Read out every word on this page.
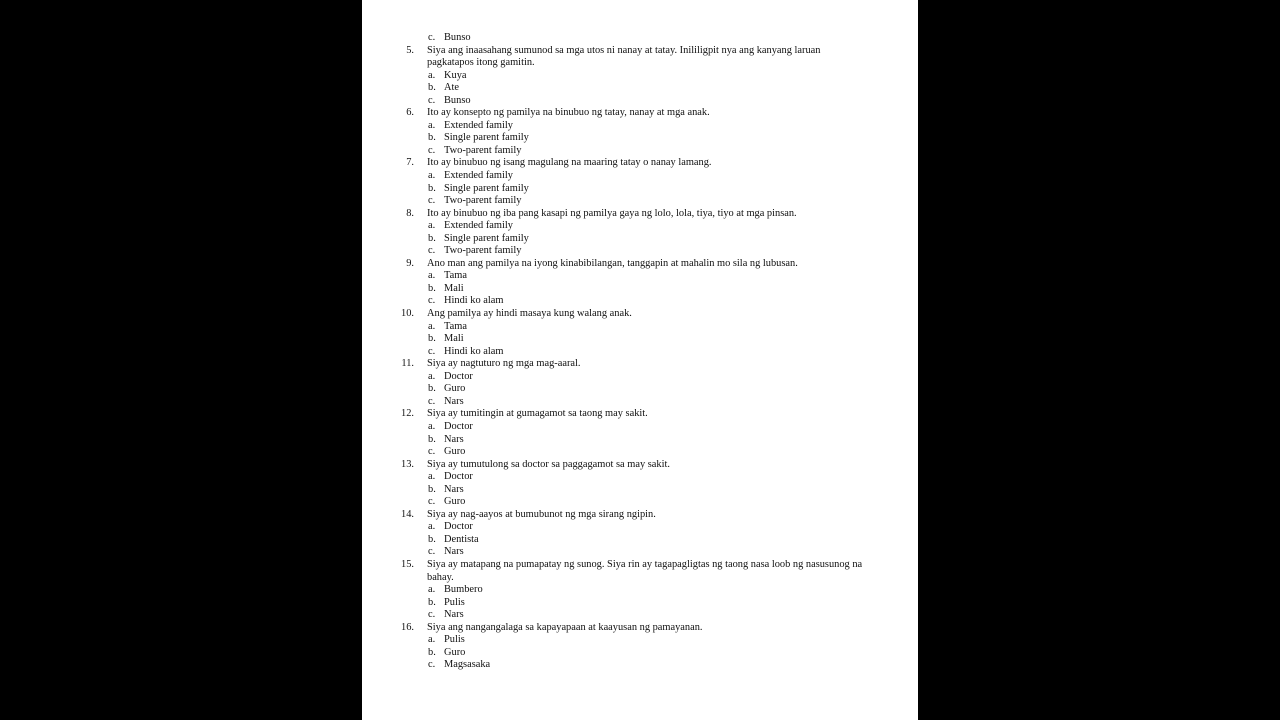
c. Bunso
5. Siya ang inaasahang sumunod sa mga utos ni nanay at tatay. Inililigpit nya ang kanyang laruan
pagkatapos itong gamitin.
a. Kuya
b. Ate
c. Bunso
6. Ito ay konsepto ng pamilya na binubuo ng tatay, nanay at mga anak.
a. Extended family
b. Single parent family
c. Two-parent family
7. Ito ay binubuo ng isang magulang na maaring tatay o nanay lamang.
a. Extended family
b. Single parent family
c. Two-parent family
8. Ito ay binubuo ng iba pang kasapi ng pamilya gaya ng lolo, lola, tiya, tiyo at mga pinsan.
a. Extended family
b. Single parent family
c. Two-parent family
9. Ano man ang pamilya na iyong kinabibilangan, tanggapin at mahalin mo sila ng lubusan.
a. Tama
b. Mali
c. Hindi ko alam
10. Ang pamilya ay hindi masaya kung walang anak.
a. Tama
b. Mali
c. Hindi ko alam
11. Siya ay nagtuturo ng mga mag-aaral.
a. Doctor
b. Guro
c. Nars
12. Siya ay tumitingin at gumagamot sa taong may sakit.
a. Doctor
b. Nars
c. Guro
13. Siya ay tumutulong sa doctor sa paggagamot sa may sakit.
a. Doctor
b. Nars
c. Guro
14. Siya ay nag-aayos at bumubunot ng mga sirang ngipin.
a. Doctor
b. Dentista
c. Nars
15. Siya ay matapang na pumapatay ng sunog. Siya rin ay tagapagligtas ng taong nasa loob ng nasusunog na
bahay.
a. Bumbero
b. Pulis
c. Nars
16. Siya ang nangangalaga sa kapayapaan at kaayusan ng pamayanan.
a. Pulis
b. Guro
c. Magsasaka
